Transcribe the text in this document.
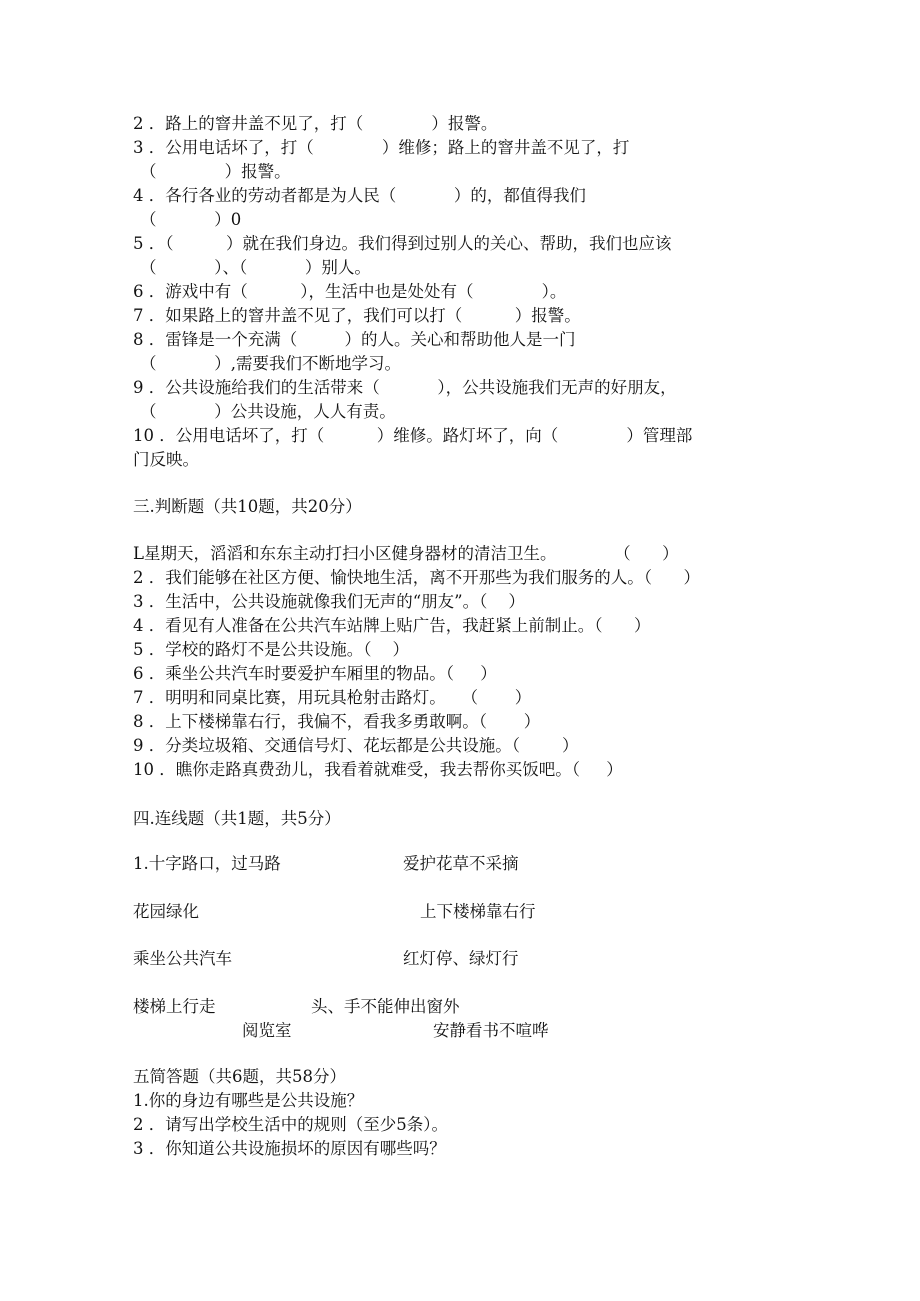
2 ．路上的窨井盖不见了，打（             ）报警。
3 ．公用电话坏了，打（             ）维修；路上的窨井盖不见了，打
（             ）报警。
4 ．各行各业的劳动者都是为人民（           ）的，都值得我们
（           ）0
5 ．（          ）就在我们身边。我们得到过别人的关心、帮助，我们也应该
（           ）、（           ）别人。
6 ．游戏中有（          ），生活中也是处处有（             ）。
7 ．如果路上的窨井盖不见了，我们可以打（          ）报警。
8 ．雷锋是一个充满（         ）的人。关心和帮助他人是一门
（           ）,需要我们不断地学习。
9 ．公共设施给我们的生活带来（           ），公共设施我们无声的好朋友，
（           ）公共设施，人人有责。
10 ．公用电话坏了，打（          ）维修。路灯坏了，向（             ）管理部
门反映。
三.判断题（共10题，共20分）
L星期天，滔滔和东东主动打扫小区健身器材的清洁卫生。           （      ）
2 ．我们能够在社区方便、愉快地生活，离不开那些为我们服务的人。（      ）
3 ．生活中，公共设施就像我们无声的“朋友”。（    ）
4 ．看见有人准备在公共汽车站牌上贴广告，我赶紧上前制止。（      ）
5 ．学校的路灯不是公共设施。（    ）
6 ．乘坐公共汽车时要爱护车厢里的物品。（     ）
7 ．明明和同桌比赛，用玩具枪射击路灯。   （       ）
8 ．上下楼梯靠右行，我偏不，看我多勇敢啊。（       ）
9 ．分类垃圾箱、交通信号灯、花坛都是公共设施。（        ）
10 ．瞧你走路真费劲儿，我看着就难受，我去帮你买饭吧。（     ）
四.连线题（共1题，共5分）
1.十字路口，过马路	爱护花草不采摘
花园绿化	上下楼梯靠右行
乘坐公共汽车	红灯停、绿灯行
楼梯上行走	头、手不能伸出窗外
阅览室	安静看书不喧哗
五简答题（共6题，共58分）
1.你的身边有哪些是公共设施？
2 ．请写出学校生活中的规则（至少5条）。
3 ．你知道公共设施损坏的原因有哪些吗？
